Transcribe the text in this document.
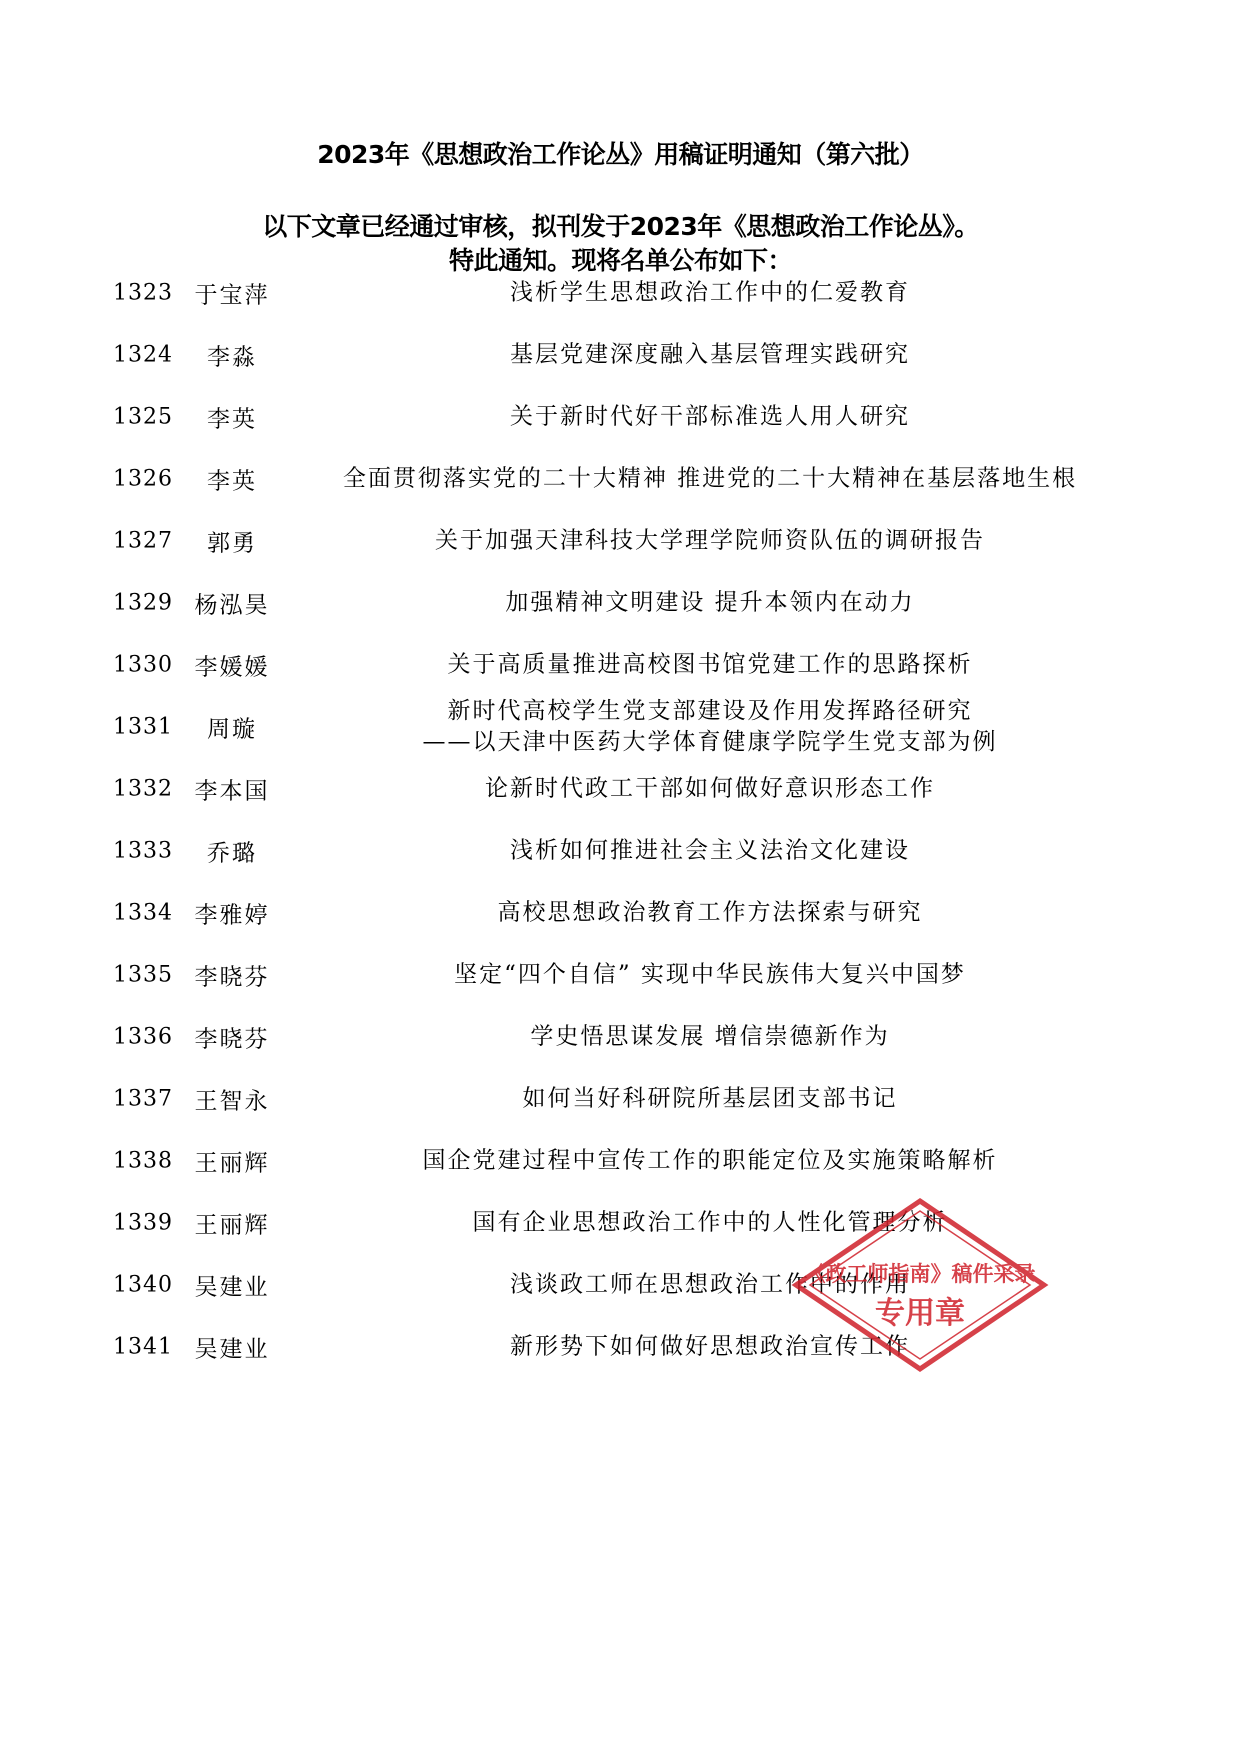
2023年《思想政治工作论丛》用稿证明通知（第六批）
以下文章已经通过审核，拟刊发于2023年《思想政治工作论丛》。
特此通知。现将名单公布如下：
1323 于宝萍	浅析学生思想政治工作中的仁爱教育
1324	李淼	基层党建深度融入基层管理实践研究
1325	李英	关于新时代好干部标准选人用人研究
1326	李英	全面贯彻落实党的二十大精神 推进党的二十大精神在基层落地生根
1327	郭勇	关于加强天津科技大学理学院师资队伍的调研报告
1329 杨泓昊	加强精神文明建设 提升本领内在动力
1330 李媛媛	关于高质量推进高校图书馆党建工作的思路探析
1331	周璇
新时代高校学生党支部建设及作用发挥路径研究
——以天津中医药大学体育健康学院学生党支部为例
1332 李本国	论新时代政工干部如何做好意识形态工作
1333	乔璐	浅析如何推进社会主义法治文化建设
1334 李雅婷	高校思想政治教育工作方法探索与研究
1335 李晓芬	坚定“四个自信” 实现中华民族伟大复兴中国梦
1336 李晓芬	学史悟思谋发展 增信崇德新作为
1337 王智永	如何当好科研院所基层团支部书记
1338 王丽辉	国企党建过程中宣传工作的职能定位及实施策略解析
1339 王丽辉	国有企业思想政治工作中的人性化管理分析
1340 吴建业	浅谈政工师在思想政治工作中的作用
1341 吴建业	新形势下如何做好思想政治宣传工作
《政工师指南》稿件采录
专用章
